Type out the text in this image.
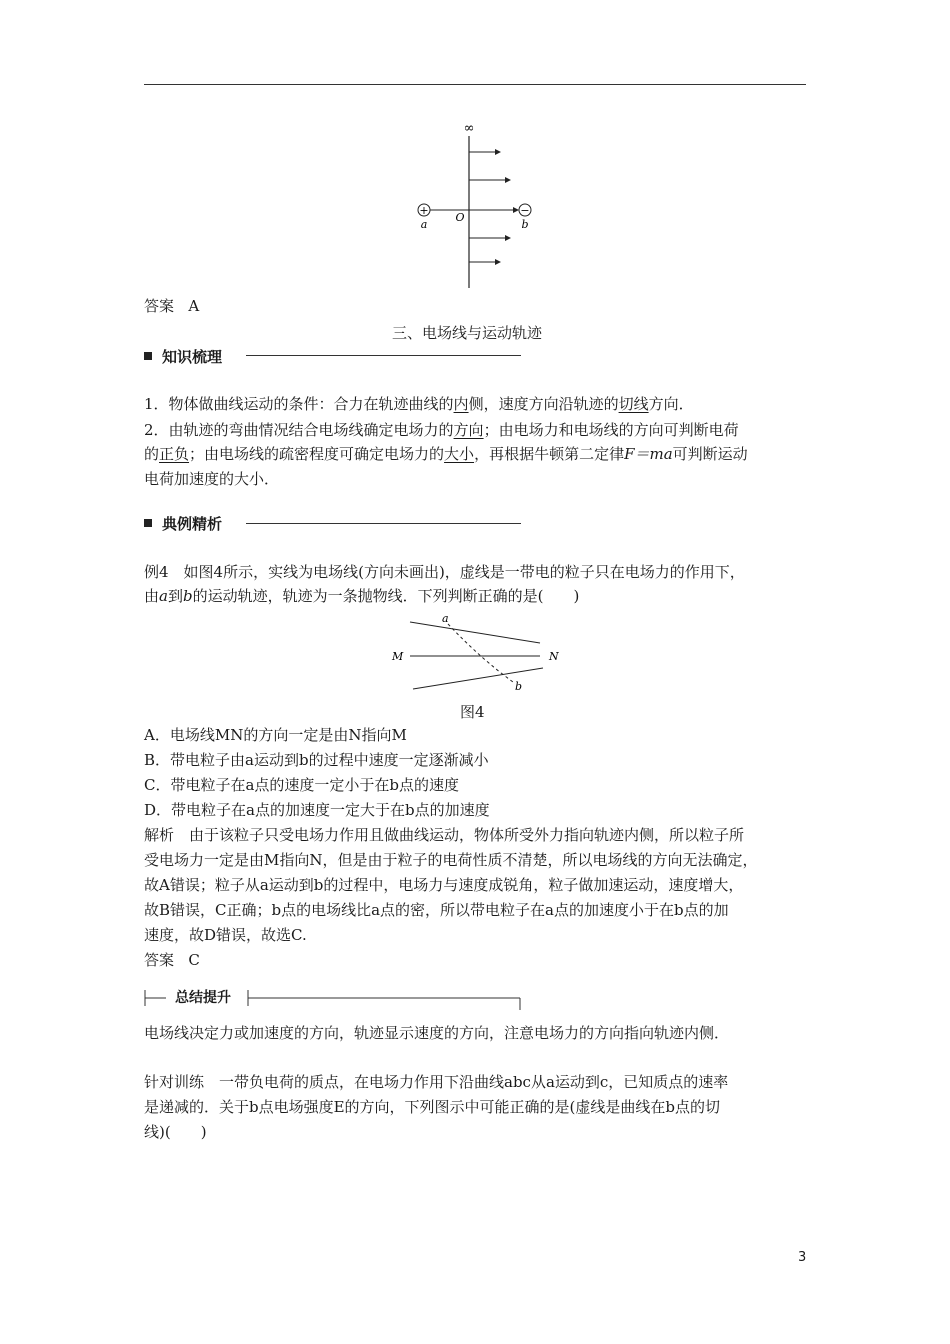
+	−
∞
O
a	b
答案 A
三、电场线与运动轨迹
知识梳理
1．物体做曲线运动的条件：合力在轨迹曲线的内侧，速度方向沿轨迹的切线方向．
2．由轨迹的弯曲情况结合电场线确定电场力的方向；由电场力和电场线的方向可判断电荷
的正负；由电场线的疏密程度可确定电场力的大小，再根据牛顿第二定律F＝ma可判断运动
电荷加速度的大小．
典例精析
例4　如图4所示，实线为电场线(方向未画出)，虚线是一带电的粒子只在电场力的作用下，
由a到b的运动轨迹，轨迹为一条抛物线．下列判断正确的是(　　)
a
b
M	N
图4
A．电场线MN的方向一定是由N指向M
B．带电粒子由a运动到b的过程中速度一定逐渐减小
C．带电粒子在a点的速度一定小于在b点的速度
D．带电粒子在a点的加速度一定大于在b点的加速度
解析　由于该粒子只受电场力作用且做曲线运动，物体所受外力指向轨迹内侧，所以粒子所
受电场力一定是由M指向N，但是由于粒子的电荷性质不清楚，所以电场线的方向无法确定，
故A错误；粒子从a运动到b的过程中，电场力与速度成锐角，粒子做加速运动，速度增大，
故B错误，C正确；b点的电场线比a点的密，所以带电粒子在a点的加速度小于在b点的加
速度，故D错误，故选C.
答案 C
总结提升
电场线决定力或加速度的方向，轨迹显示速度的方向，注意电场力的方向指向轨迹内侧．
针对训练　一带负电荷的质点，在电场力作用下沿曲线abc从a运动到c，已知质点的速率
是递减的．关于b点电场强度E的方向，下列图示中可能正确的是(虚线是曲线在b点的切
线)(　　)
3
